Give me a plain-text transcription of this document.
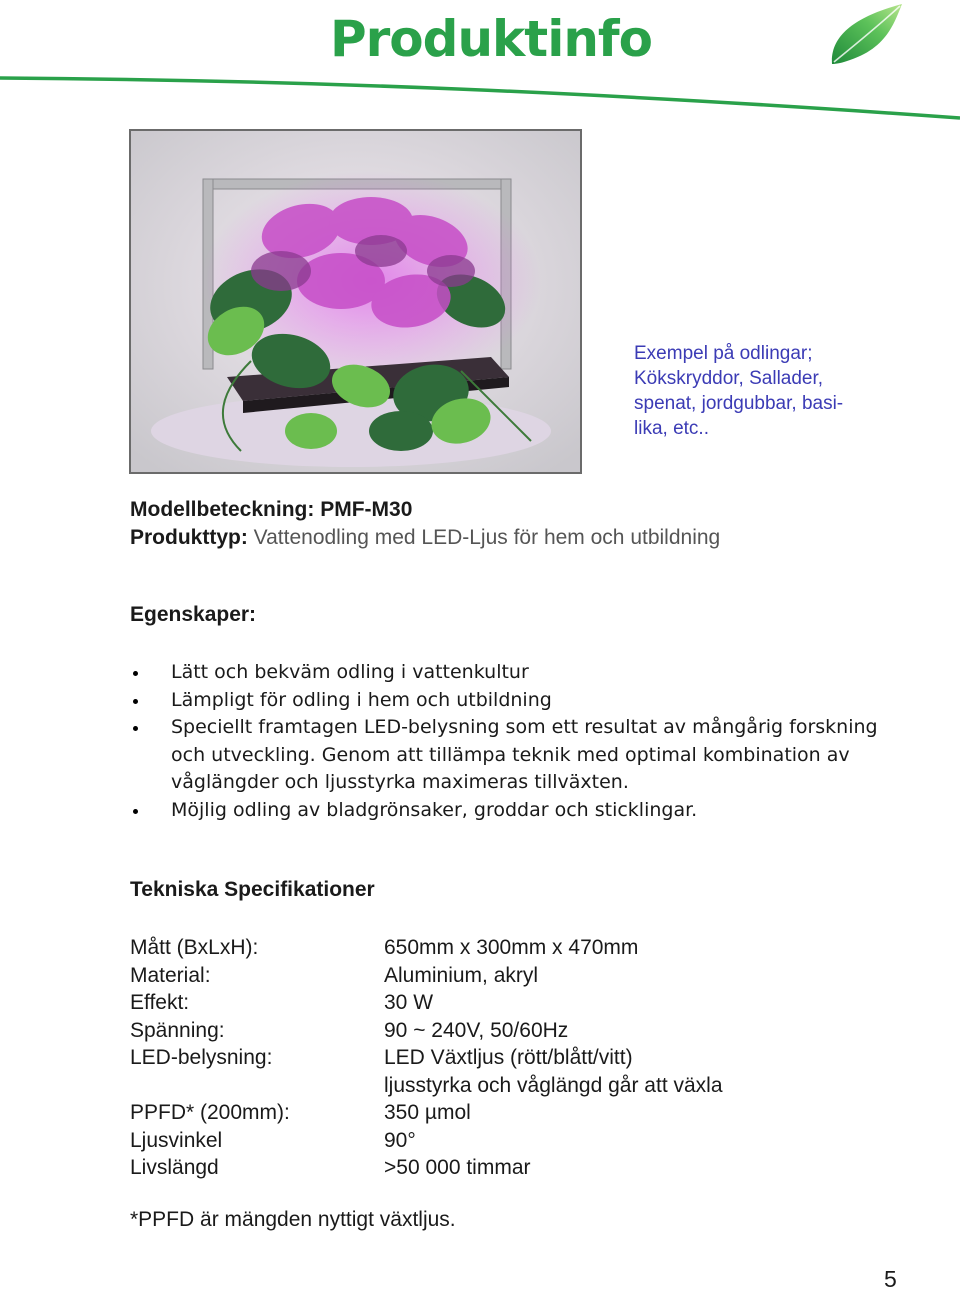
Produktinfo
Exempel på odlingar;
Kökskryddor, Sallader,
spenat, jordgubbar, basi-
lika, etc..
Modellbeteckning: PMF-M30
Produkttyp: Vattenodling med LED-Ljus för hem och utbildning
Egenskaper:
Lätt och bekväm odling i vattenkultur
Lämpligt för odling i hem och utbildning
Speciellt framtagen LED-belysning som ett resultat av mångårig forskning och utveckling. Genom att tillämpa teknik med optimal kombination av våglängder och ljusstyrka maximeras tillväxten.
Möjlig odling av bladgrönsaker, groddar och sticklingar.
Tekniska Specifikationer
Mått (BxLxH):	650mm x 300mm x 470mm
Material:	Aluminium, akryl
Effekt:	30 W
Spänning:	90 ~ 240V, 50/60Hz
LED-belysning:	LED Växtljus (rött/blått/vitt)
ljusstyrka och våglängd går att växla
PPFD* (200mm):	350 µmol
Ljusvinkel	90°
Livslängd	>50 000 timmar
*PPFD är mängden nyttigt växtljus.
5
